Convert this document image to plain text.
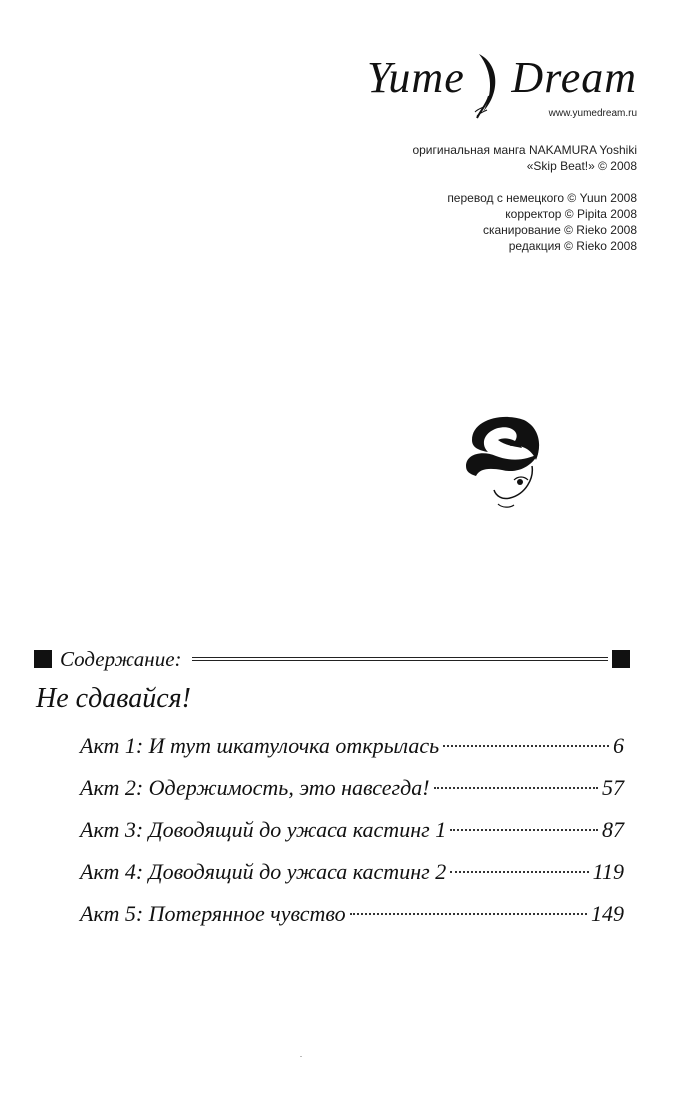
Yume Dream
www.yumedream.ru
оригинальная манга NAKAMURA Yoshiki
«Skip Beat!» © 2008
перевод с немецкого © Yuun 2008
корректор © Pipita 2008
сканирование © Rieko 2008
редакция © Rieko 2008
Содержание:
Не сдавайся!
Акт 1: И тут шкатулочка открылась	6
Акт 2: Одержимость, это навсегда!	57
Акт 3: Доводящий до ужаса кастинг 1	87
Акт 4: Доводящий до ужаса кастинг 2	119
Акт 5: Потерянное чувство	149
